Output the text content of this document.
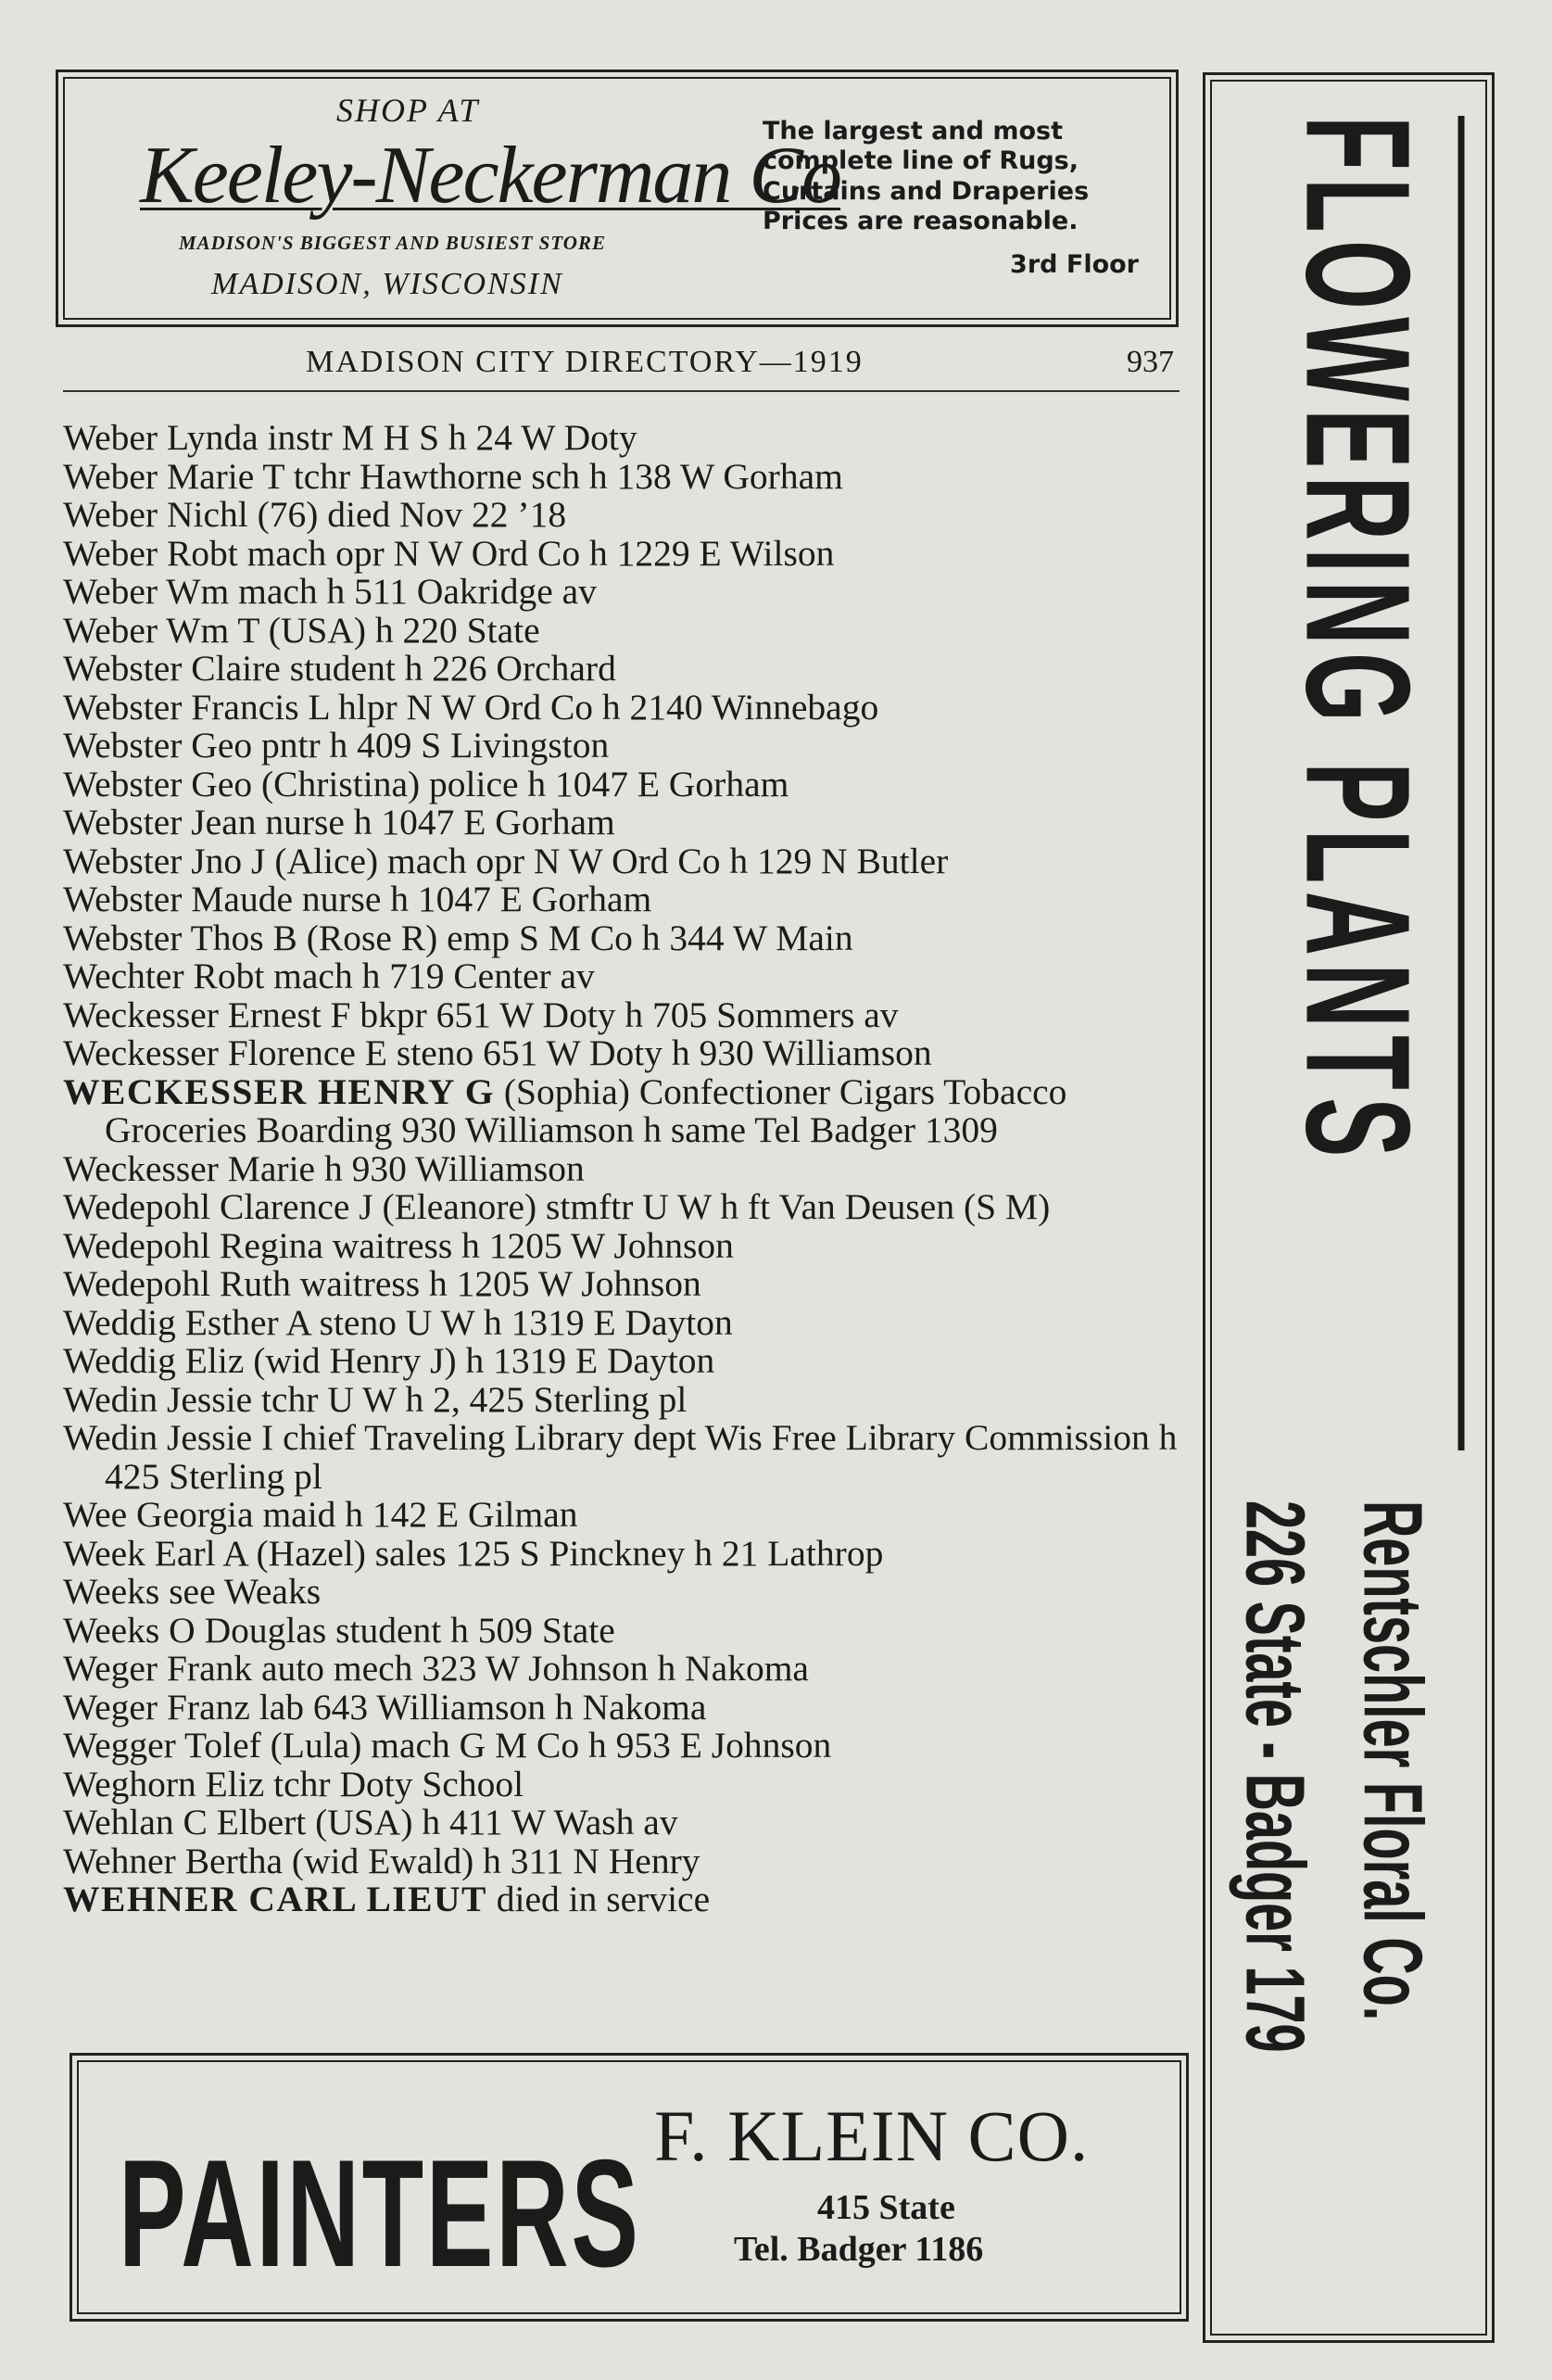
SHOP AT
Keeley-Neckerman Co
MADISON'S BIGGEST AND BUSIEST STORE
MADISON, WISCONSIN
The largest and most complete line of Rugs, Curtains and Draperies Prices are reasonable.
3rd Floor
MADISON CITY DIRECTORY—1919	937
Weber Lynda instr M H S h 24 W Doty
Weber Marie T tchr Hawthorne sch h 138 W Gorham
Weber Nichl (76) died Nov 22 ’18
Weber Robt mach opr N W Ord Co h 1229 E Wilson
Weber Wm mach h 511 Oakridge av
Weber Wm T (USA) h 220 State
Webster Claire student h 226 Orchard
Webster Francis L hlpr N W Ord Co h 2140 Winnebago
Webster Geo pntr h 409 S Livingston
Webster Geo (Christina) police h 1047 E Gorham
Webster Jean nurse h 1047 E Gorham
Webster Jno J (Alice) mach opr N W Ord Co h 129 N Butler
Webster Maude nurse h 1047 E Gorham
Webster Thos B (Rose R) emp S M Co h 344 W Main
Wechter Robt mach h 719 Center av
Weckesser Ernest F bkpr 651 W Doty h 705 Sommers av
Weckesser Florence E steno 651 W Doty h 930 Williamson
WECKESSER HENRY G (Sophia) Confectioner Cigars Tobacco Groceries Boarding 930 Williamson h same Tel Badger 1309
Weckesser Marie h 930 Williamson
Wedepohl Clarence J (Eleanore) stmftr U W h ft Van Deusen (S M)
Wedepohl Regina waitress h 1205 W Johnson
Wedepohl Ruth waitress h 1205 W Johnson
Weddig Esther A steno U W h 1319 E Dayton
Weddig Eliz (wid Henry J) h 1319 E Dayton
Wedin Jessie tchr U W h 2, 425 Sterling pl
Wedin Jessie I chief Traveling Library dept Wis Free Library Commission h 425 Sterling pl
Wee Georgia maid h 142 E Gilman
Week Earl A (Hazel) sales 125 S Pinckney h 21 Lathrop
Weeks see Weaks
Weeks O Douglas student h 509 State
Weger Frank auto mech 323 W Johnson h Nakoma
Weger Franz lab 643 Williamson h Nakoma
Wegger Tolef (Lula) mach G M Co h 953 E Johnson
Weghorn Eliz tchr Doty School
Wehlan C Elbert (USA) h 411 W Wash av
Wehner Bertha (wid Ewald) h 311 N Henry
WEHNER CARL LIEUT died in service
FLOWERING PLANTS
Rentschler Floral Co.
226 State - Badger 179
PAINTERS F. KLEIN CO.
415 State
Tel. Badger 1186
